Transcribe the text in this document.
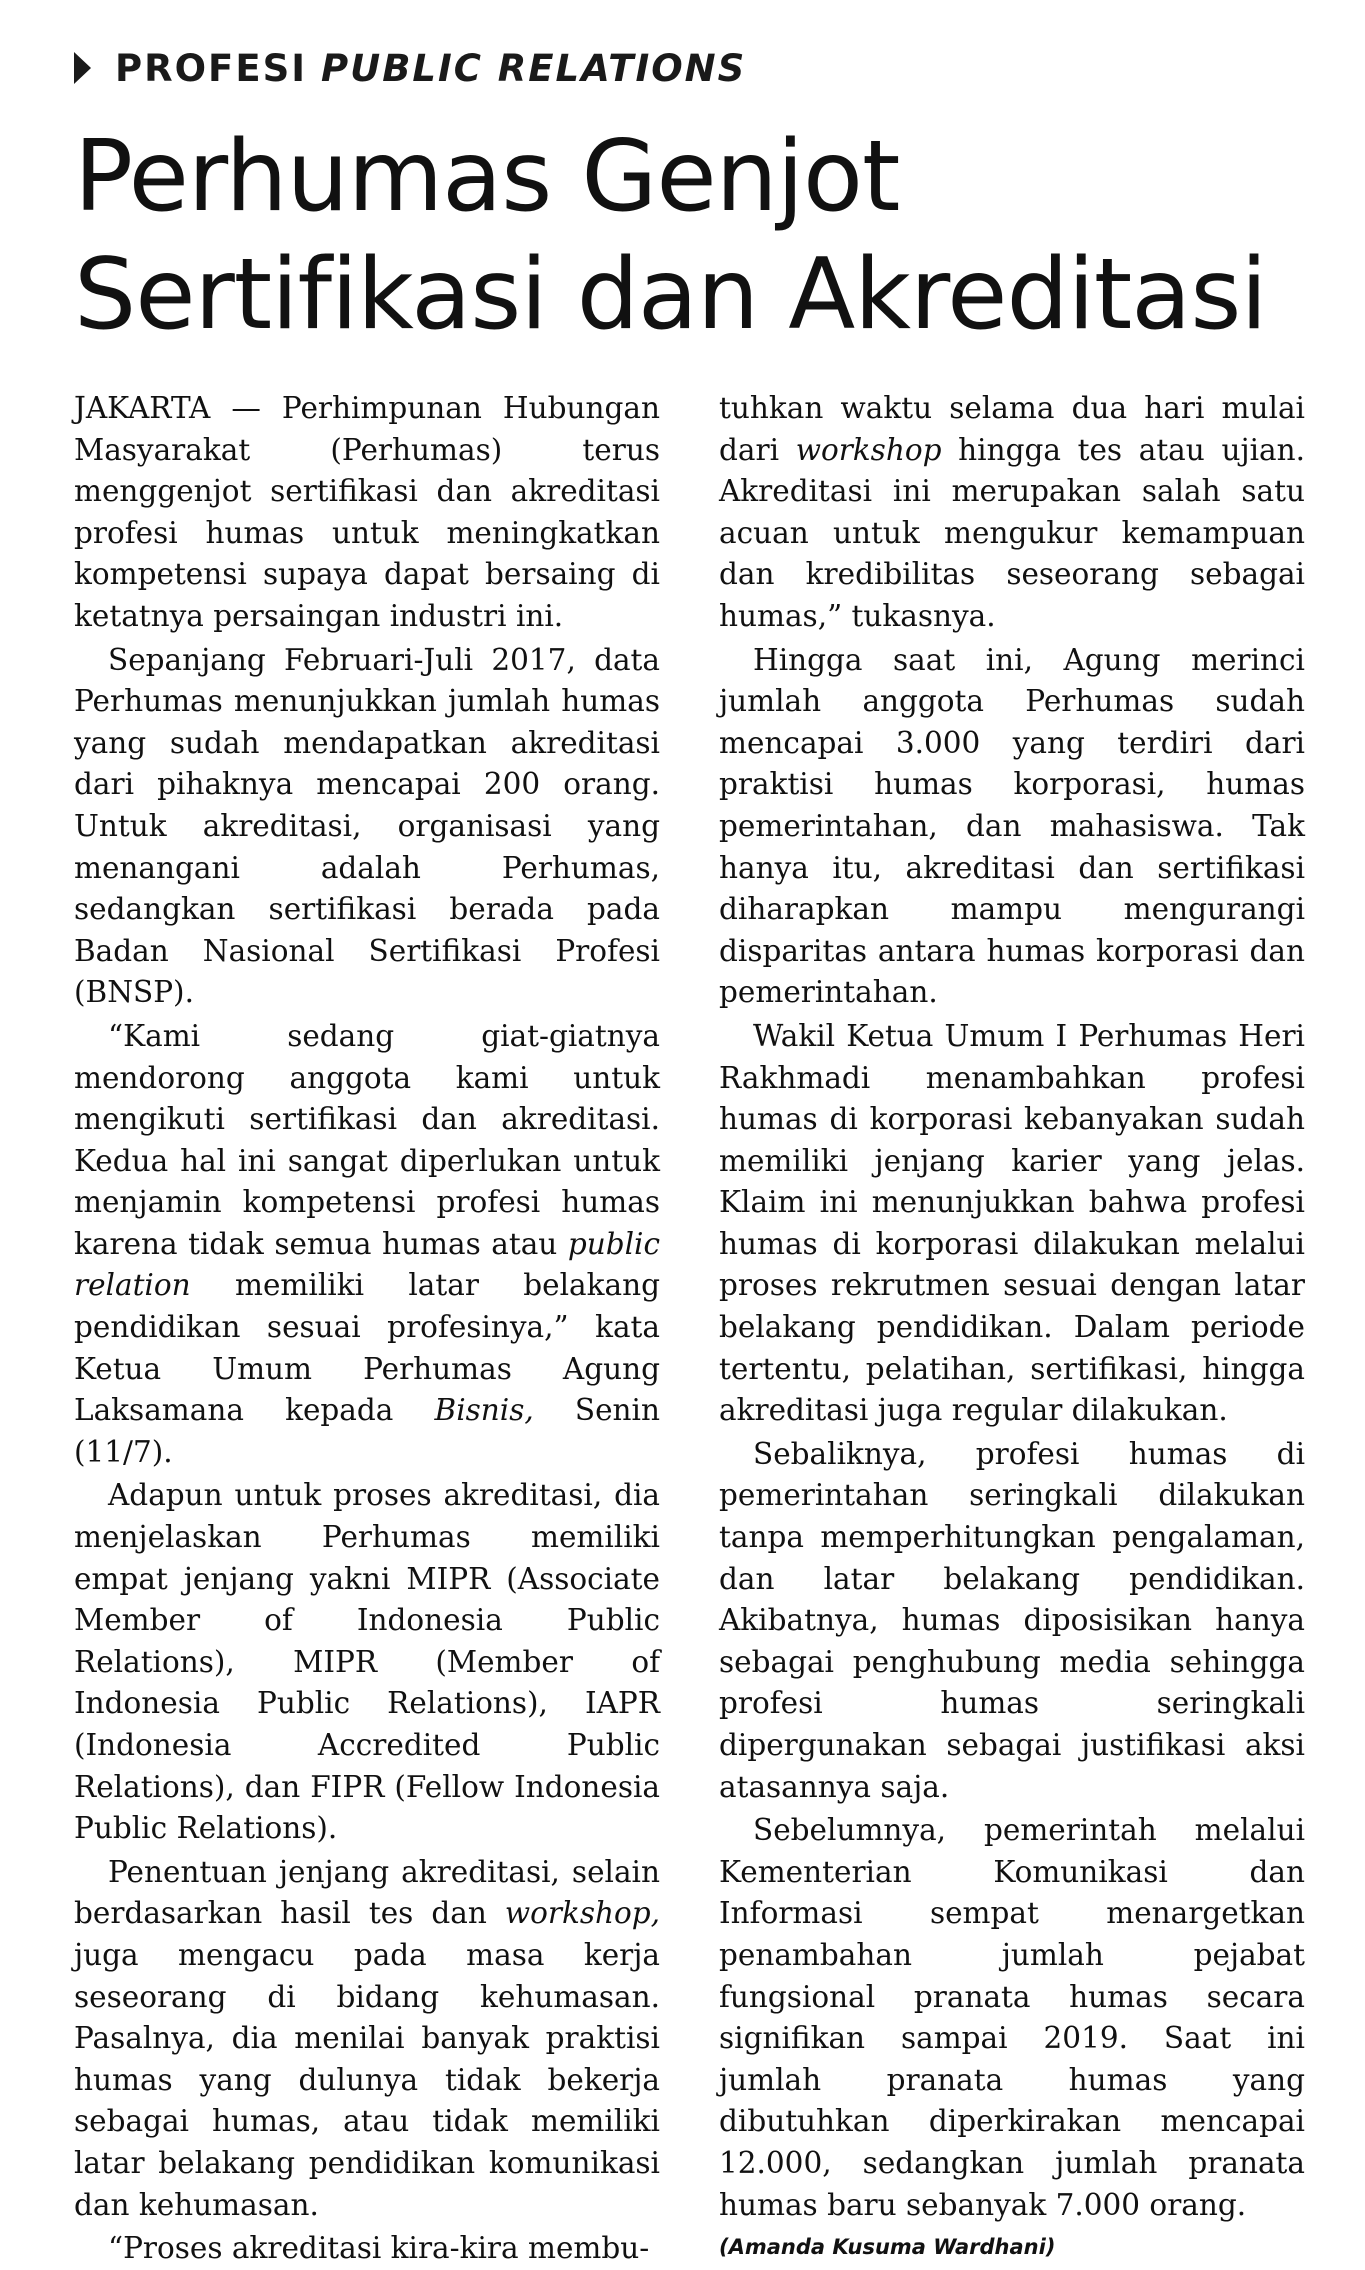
PROFESI PUBLIC RELATIONS
Perhumas Genjot
Sertifikasi dan Akreditasi

JAKARTA — Perhimpunan Hubungan Masyarakat (Perhumas) terus menggenjot sertifikasi dan akreditasi profesi humas untuk meningkatkan kompetensi supaya dapat bersaing di ketatnya persaingan industri ini.

Sepanjang Februari-Juli 2017, data Perhumas menunjukkan jumlah humas yang sudah mendapatkan akreditasi dari pihaknya mencapai 200 orang. Untuk akreditasi, organisasi yang menangani adalah Perhumas, sedangkan sertifikasi berada pada Badan Nasional Sertifikasi Profesi (BNSP).

“Kami sedang giat-giatnya mendorong anggota kami untuk mengikuti sertifikasi dan akreditasi. Kedua hal ini sangat diperlukan untuk menjamin kompetensi profesi humas karena tidak semua humas atau public relation memiliki latar belakang pendidikan sesuai profesinya,” kata Ketua Umum Perhumas Agung Laksamana kepada Bisnis, Senin (11/7).

Adapun untuk proses akreditasi, dia menjelaskan Perhumas memiliki empat jenjang yakni MIPR (Associate Member of Indonesia Public Relations), MIPR (Member of Indonesia Public Relations), IAPR (Indonesia Accredited Public Relations), dan FIPR (Fellow Indonesia Public Relations).

Penentuan jenjang akreditasi, selain berdasarkan hasil tes dan workshop, juga mengacu pada masa kerja seseorang di bidang kehumasan. Pasalnya, dia menilai banyak praktisi humas yang dulunya tidak bekerja sebagai humas, atau tidak memiliki latar belakang pendidikan komunikasi dan kehumasan.

“Proses akreditasi kira-kira membu-

tuhkan waktu selama dua hari mulai dari workshop hingga tes atau ujian. Akreditasi ini merupakan salah satu acuan untuk mengukur kemampuan dan kredibilitas seseorang sebagai humas,” tukasnya.

Hingga saat ini, Agung merinci jumlah anggota Perhumas sudah mencapai 3.000 yang terdiri dari praktisi humas korporasi, humas pemerintahan, dan mahasiswa. Tak hanya itu, akreditasi dan sertifikasi diharapkan mampu mengurangi disparitas antara humas korporasi dan pemerintahan.

Wakil Ketua Umum I Perhumas Heri Rakhmadi menambahkan profesi humas di korporasi kebanyakan sudah memiliki jenjang karier yang jelas. Klaim ini menunjukkan bahwa profesi humas di korporasi dilakukan melalui proses rekrutmen sesuai dengan latar belakang pendidikan. Dalam periode tertentu, pelatihan, sertifikasi, hingga akreditasi juga regular dilakukan.

Sebaliknya, profesi humas di pemerintahan seringkali dilakukan tanpa memperhitungkan pengalaman, dan latar belakang pendidikan. Akibatnya, humas diposisikan hanya sebagai penghubung media sehingga profesi humas seringkali dipergunakan sebagai justifikasi aksi atasannya saja.

Sebelumnya, pemerintah melalui Kementerian Komunikasi dan Informasi sempat menargetkan penambahan jumlah pejabat fungsional pranata humas secara signifikan sampai 2019. Saat ini jumlah pranata humas yang dibutuhkan diperkirakan mencapai 12.000, sedangkan jumlah pranata humas baru sebanyak 7.000 orang.

(Amanda Kusuma Wardhani)
